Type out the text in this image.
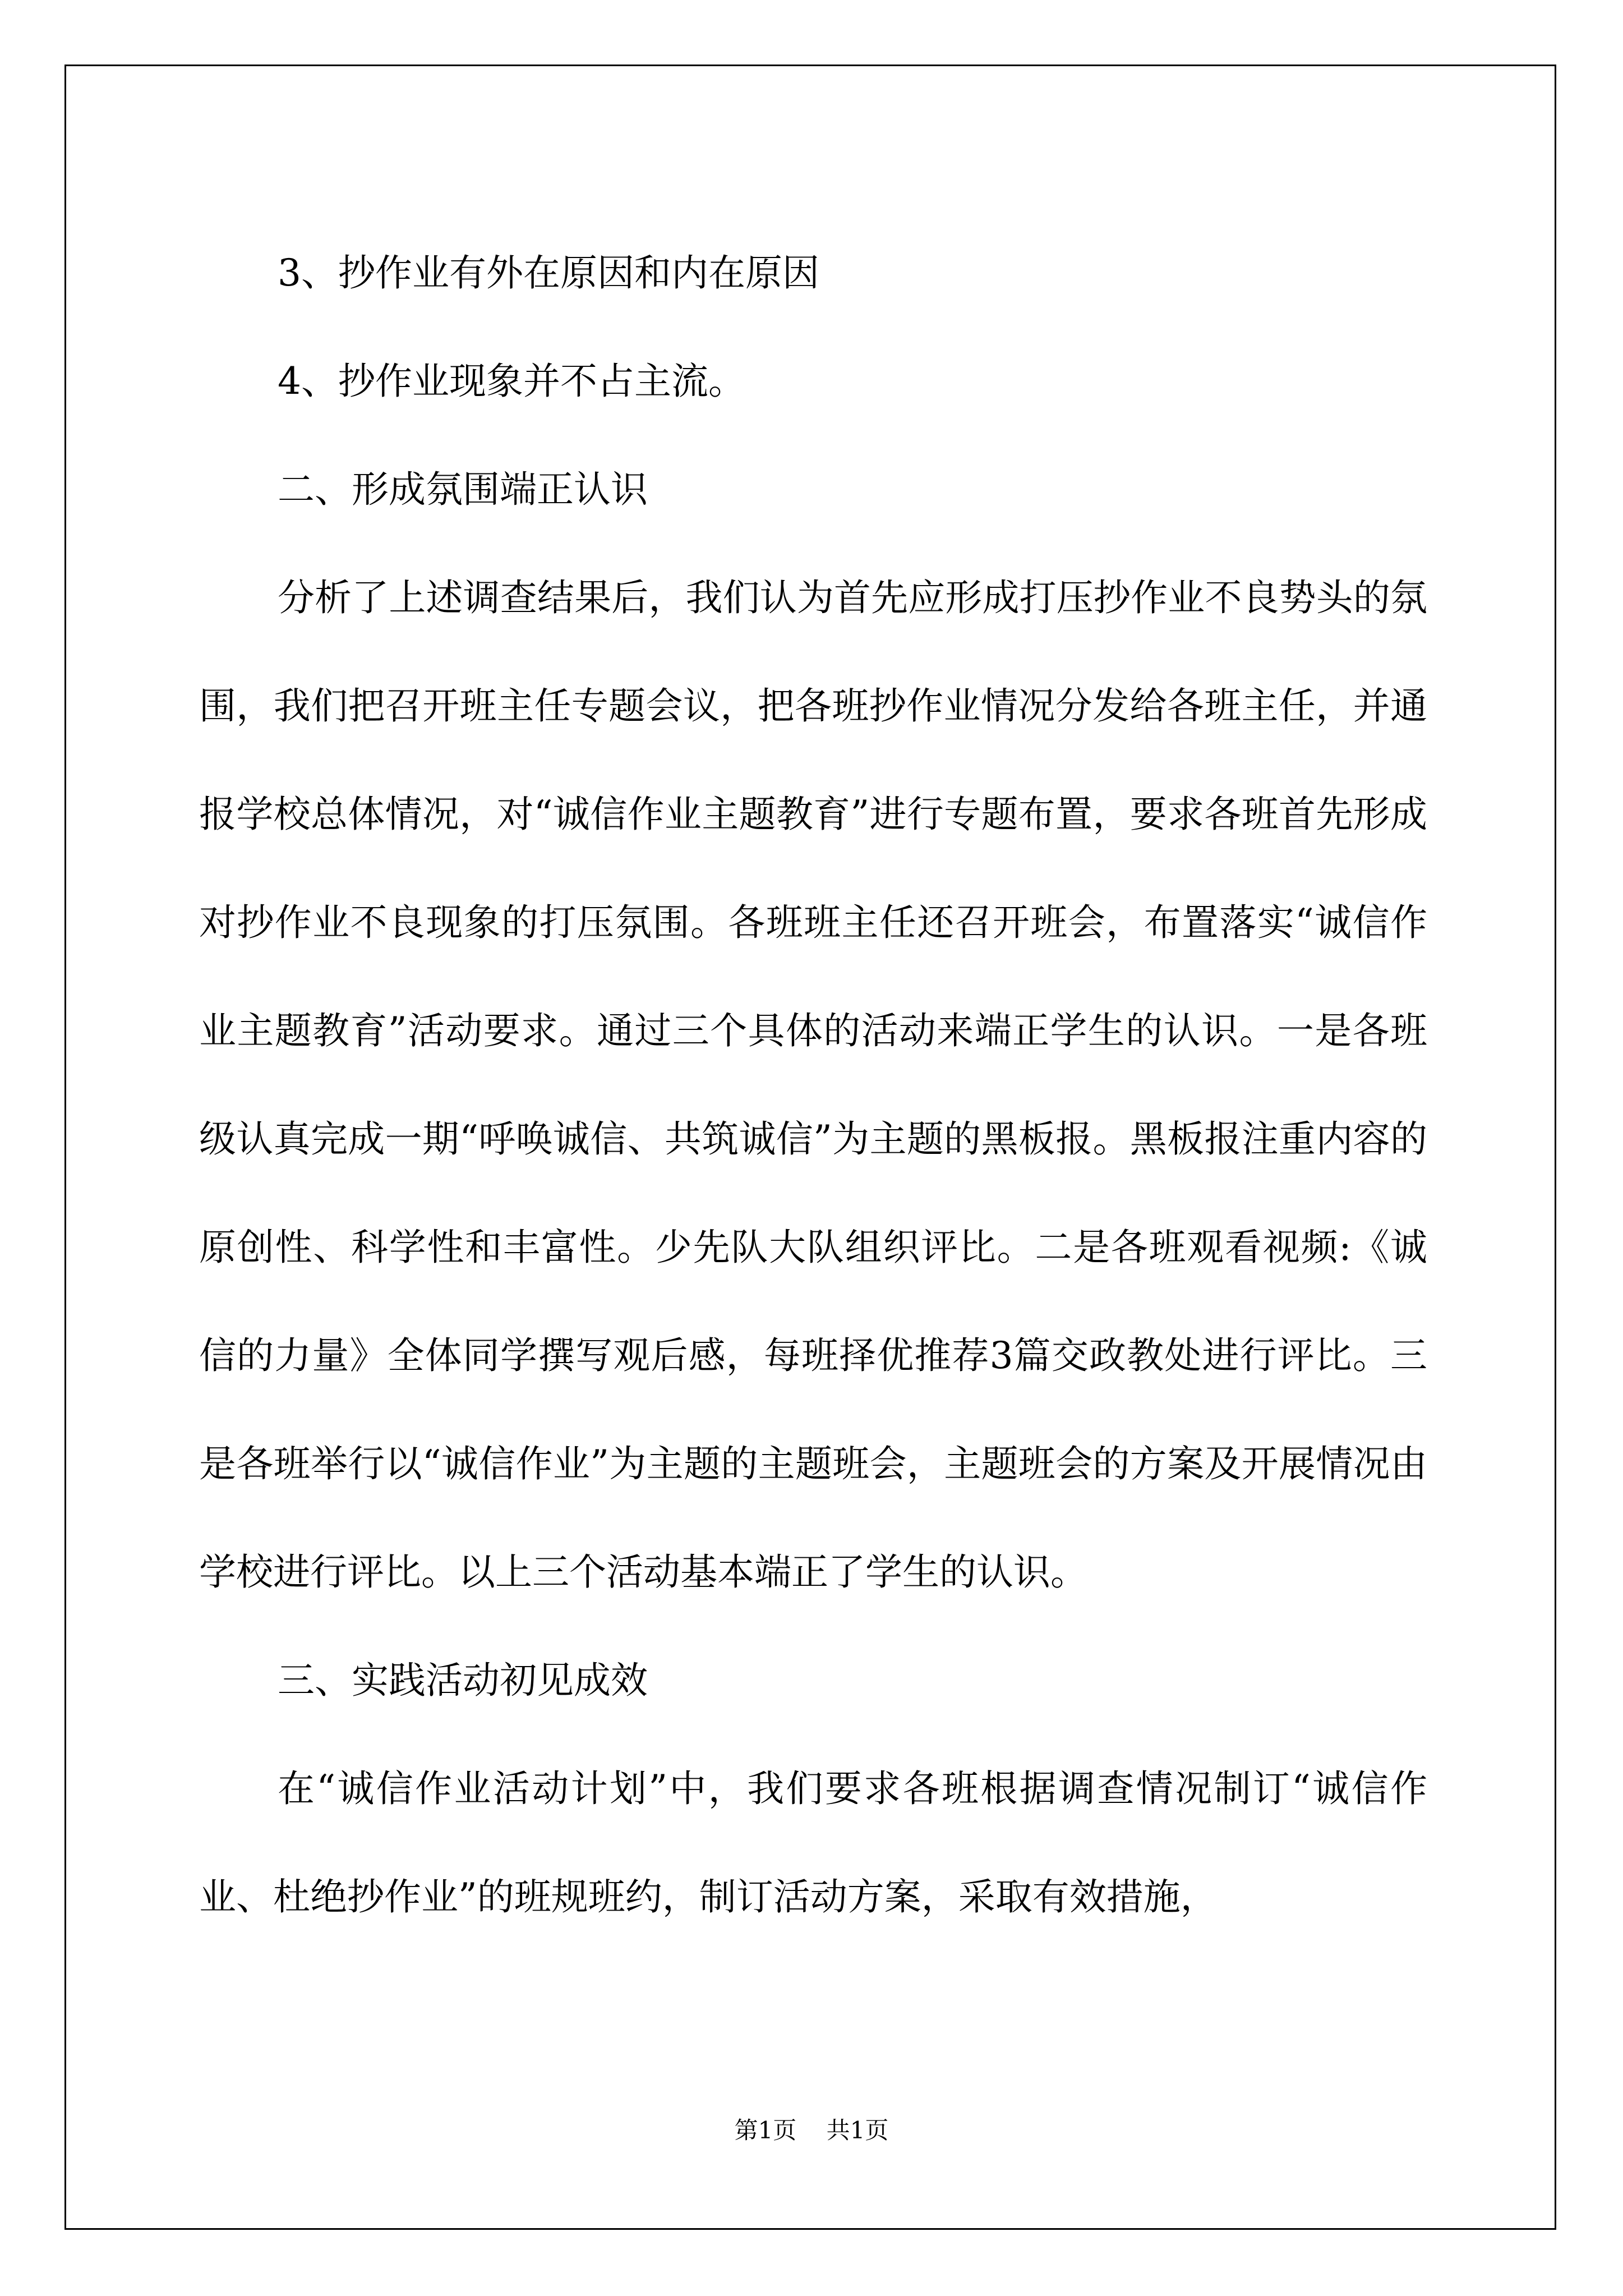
3、抄作业有外在原因和内在原因

4、抄作业现象并不占主流。

二、形成氛围端正认识

分析了上述调查结果后，我们认为首先应形成打压抄作业不良势头的氛围，我们把召开班主任专题会议，把各班抄作业情况分发给各班主任，并通报学校总体情况，对“诚信作业主题教育”进行专题布置，要求各班首先形成对抄作业不良现象的打压氛围。各班班主任还召开班会，布置落实“诚信作业主题教育”活动要求。通过三个具体的活动来端正学生的认识。一是各班级认真完成一期“呼唤诚信、共筑诚信”为主题的黑板报。黑板报注重内容的原创性、科学性和丰富性。少先队大队组织评比。二是各班观看视频:《诚信的力量》全体同学撰写观后感，每班择优推荐3篇交政教处进行评比。三是各班举行以“诚信作业”为主题的主题班会，主题班会的方案及开展情况由学校进行评比。以上三个活动基本端正了学生的认识。

三、实践活动初见成效

在“诚信作业活动计划”中，我们要求各班根据调查情况制订“诚信作业、杜绝抄作业”的班规班约，制订活动方案，采取有效措施，

第1页    共1页
